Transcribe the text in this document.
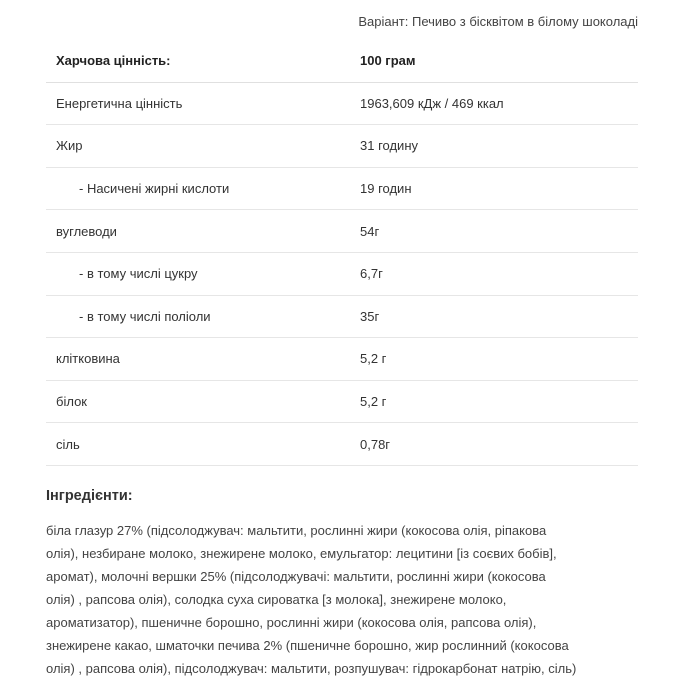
Варіант: Печиво з бісквітом в білому шоколаді
Харчова цінність:	100 грам
Енергетична цінність	1963,609 кДж / 469 ккал
Жир	31 годину
- Насичені жирні кислоти	19 годин
вуглеводи	54г
- в тому числі цукру	6,7г
- в тому числі поліоли	35г
клітковина	5,2 г
білок	5,2 г
сіль	0,78г
Інгредієнти:
біла глазур 27% (підсолоджувач: мальтити, рослинні жири (кокосова олія, ріпакова
олія), незбиране молоко, знежирене молоко, емульгатор: лецитини [із соєвих бобів],
аромат), молочні вершки 25% (підсолоджувачі: мальтити, рослинні жири (кокосова
олія) , рапсова олія), солодка суха сироватка [з молока], знежирене молоко,
ароматизатор), пшеничне борошно, рослинні жири (кокосова олія, рапсова олія),
знежирене какао, шматочки печива 2% (пшеничне борошно, жир рослинний (кокосова
олія) , рапсова олія), підсолоджувач: мальтити, розпушувач: гідрокарбонат натрію, сіль)
